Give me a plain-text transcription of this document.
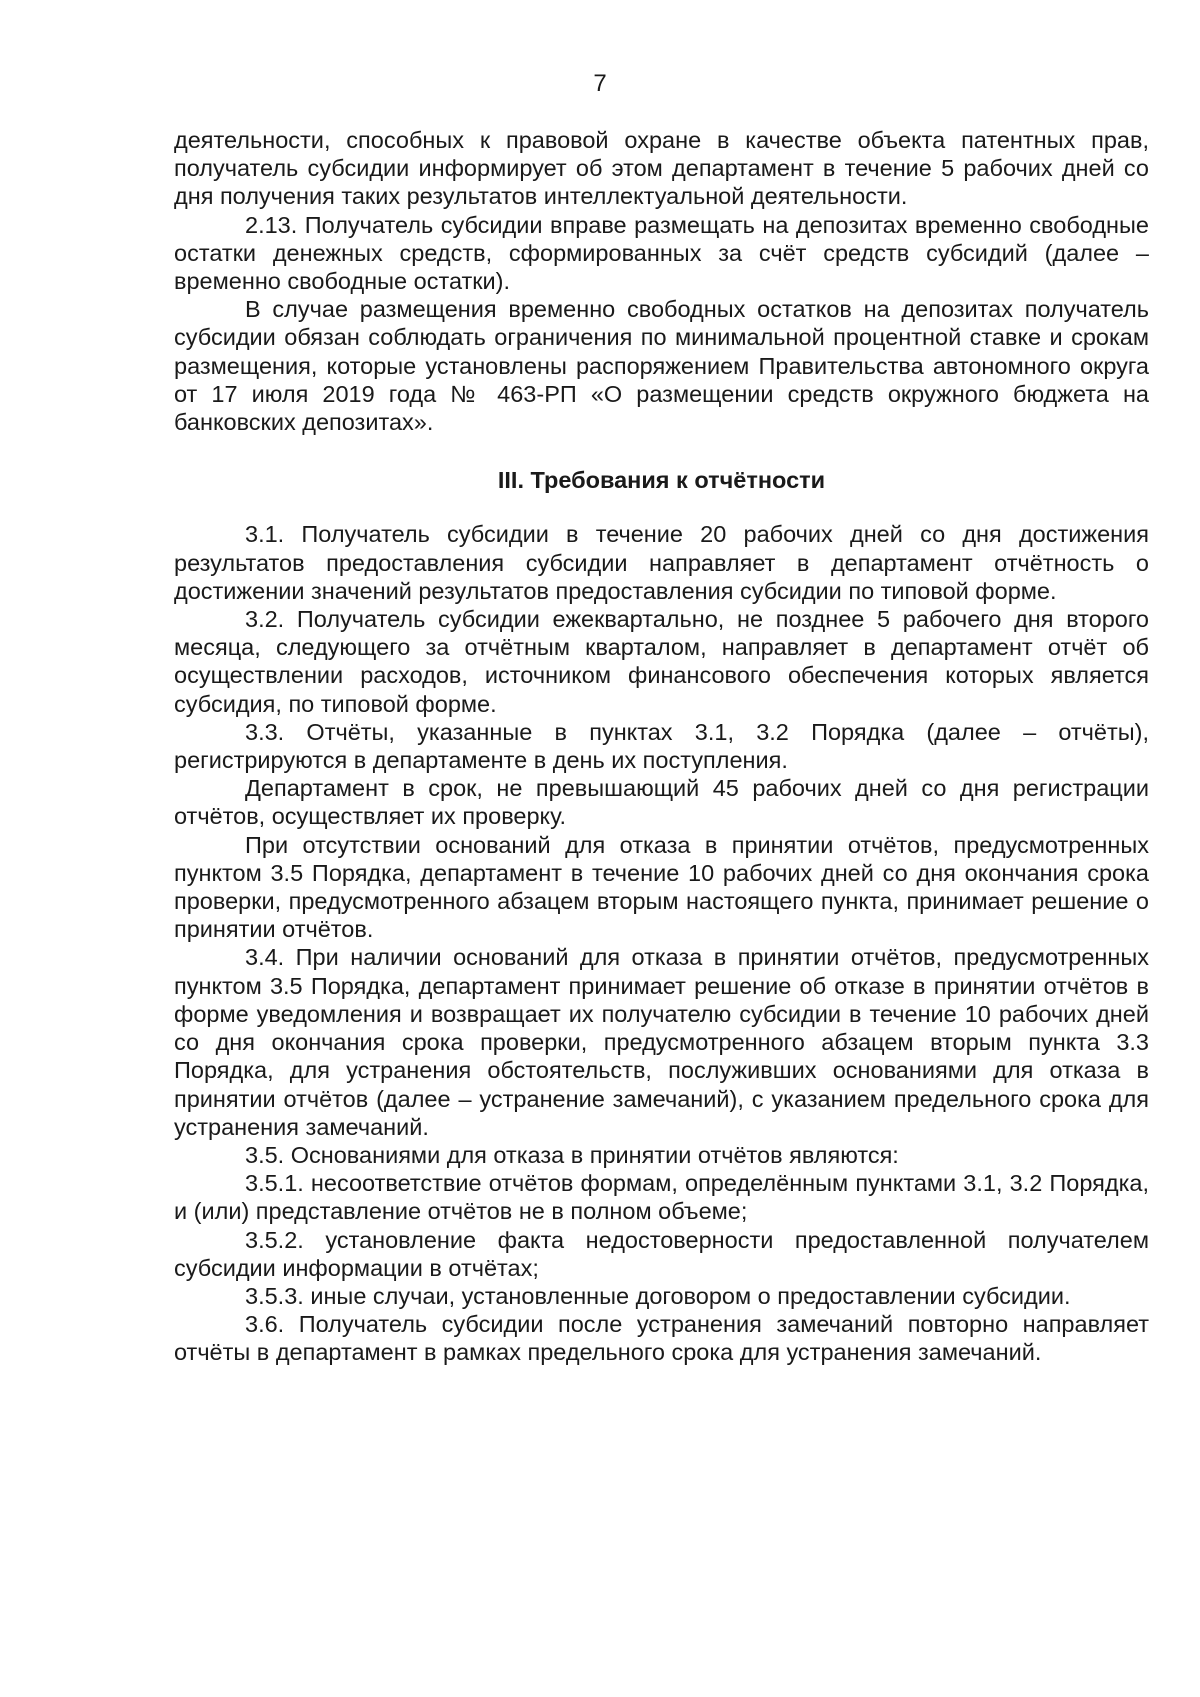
7

деятельности, способных к правовой охране в качестве объекта патентных прав, получатель субсидии информирует об этом департамент в течение 5 рабочих дней со дня получения таких результатов интеллектуальной деятельности.

2.13. Получатель субсидии вправе размещать на депозитах временно свободные остатки денежных средств, сформированных за счёт средств субсидий (далее – временно свободные остатки).

В случае размещения временно свободных остатков на депозитах получатель субсидии обязан соблюдать ограничения по минимальной процентной ставке и срокам размещения, которые установлены распоряжением Правительства автономного округа от 17 июля 2019 года № 463-РП «О размещении средств окружного бюджета на банковских депозитах».

III. Требования к отчётности

3.1. Получатель субсидии в течение 20 рабочих дней со дня достижения результатов предоставления субсидии направляет в департамент отчётность о достижении значений результатов предоставления субсидии по типовой форме.

3.2. Получатель субсидии ежеквартально, не позднее 5 рабочего дня второго месяца, следующего за отчётным кварталом, направляет в департамент отчёт об осуществлении расходов, источником финансового обеспечения которых является субсидия, по типовой форме.

3.3. Отчёты, указанные в пунктах 3.1, 3.2 Порядка (далее – отчёты), регистрируются в департаменте в день их поступления.

Департамент в срок, не превышающий 45 рабочих дней со дня регистрации отчётов, осуществляет их проверку.

При отсутствии оснований для отказа в принятии отчётов, предусмотренных пунктом 3.5 Порядка, департамент в течение 10 рабочих дней со дня окончания срока проверки, предусмотренного абзацем вторым настоящего пункта, принимает решение о принятии отчётов.

3.4. При наличии оснований для отказа в принятии отчётов, предусмотренных пунктом 3.5 Порядка, департамент принимает решение об отказе в принятии отчётов в форме уведомления и возвращает их получателю субсидии в течение 10 рабочих дней со дня окончания срока проверки, предусмотренного абзацем вторым пункта 3.3 Порядка, для устранения обстоятельств, послуживших основаниями для отказа в принятии отчётов (далее – устранение замечаний), с указанием предельного срока для устранения замечаний.

3.5. Основаниями для отказа в принятии отчётов являются:

3.5.1. несоответствие отчётов формам, определённым пунктами 3.1, 3.2 Порядка, и (или) представление отчётов не в полном объеме;

3.5.2. установление факта недостоверности предоставленной получателем субсидии информации в отчётах;

3.5.3. иные случаи, установленные договором о предоставлении субсидии.

3.6. Получатель субсидии после устранения замечаний повторно направляет отчёты в департамент в рамках предельного срока для устранения замечаний.
